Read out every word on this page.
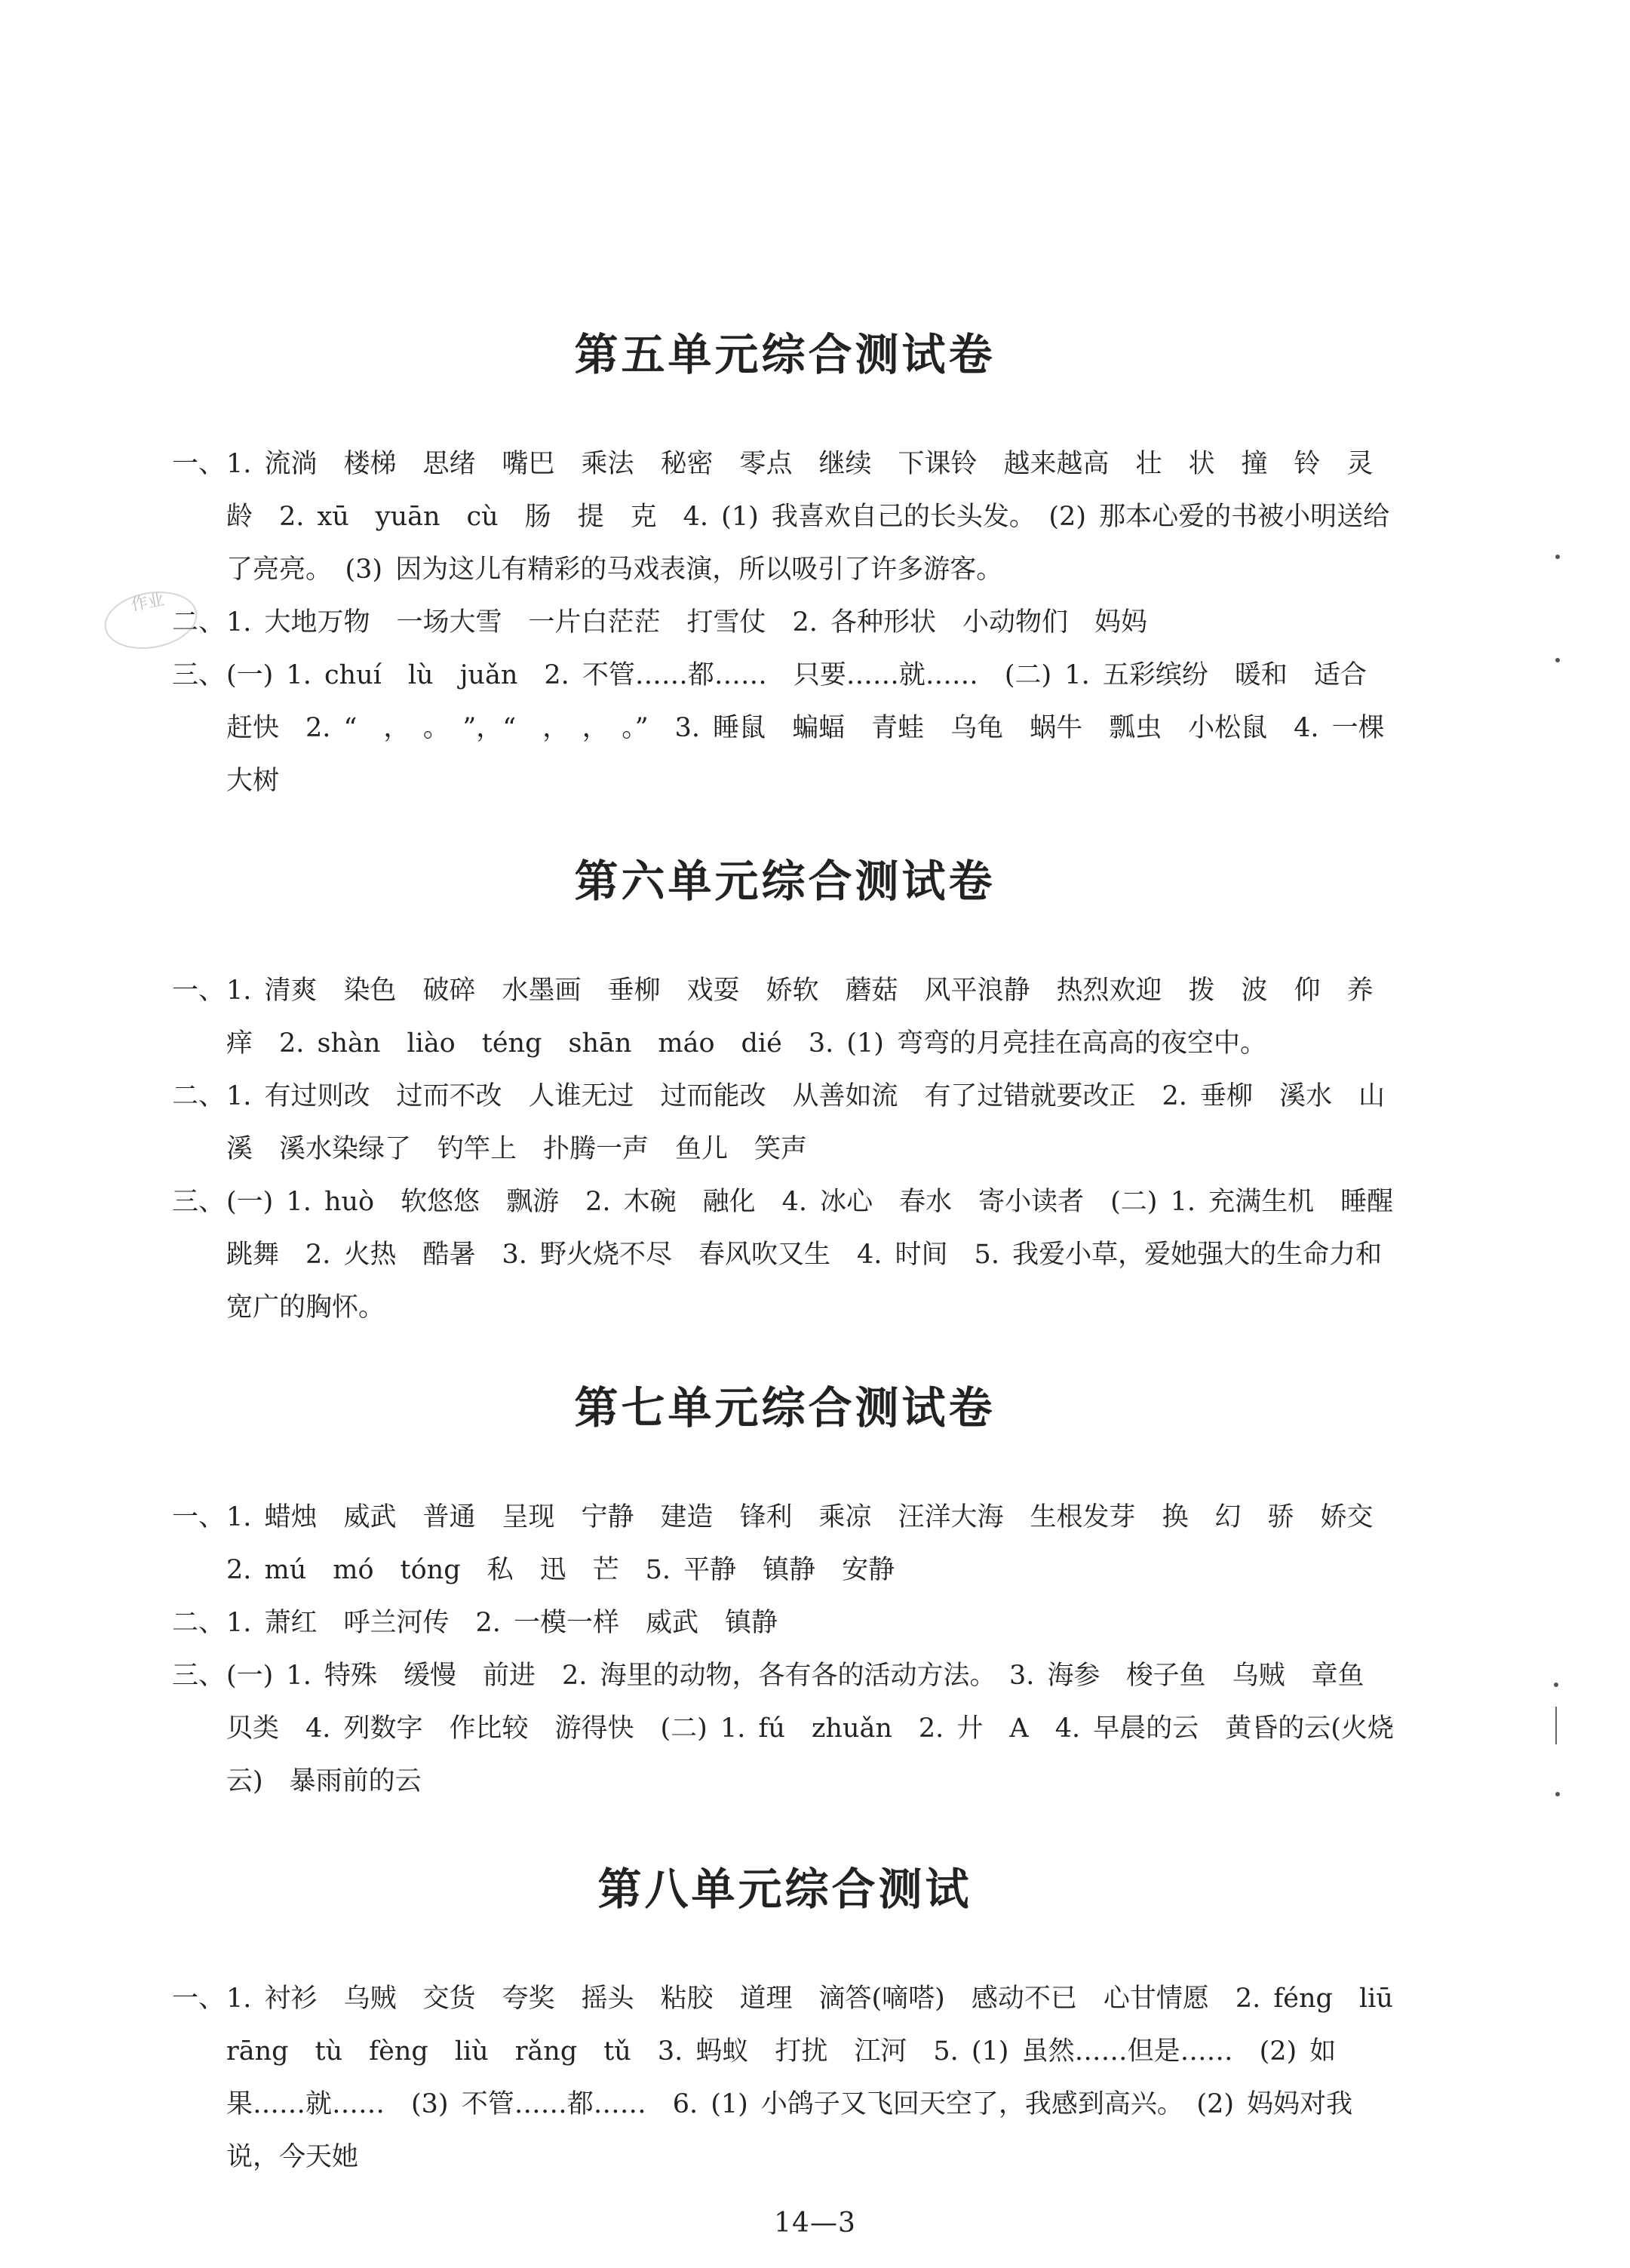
作业
第五单元综合测试卷
一、1. 流淌　楼梯　思绪　嘴巴　乘法　秘密　零点　继续　下课铃　越来越高　壮　状　撞　铃　灵龄　2. xū　yuān　cù　肠　提　克　4. (1) 我喜欢自己的长头发。　(2) 那本心爱的书被小明送给了亮亮。　(3) 因为这儿有精彩的马戏表演，所以吸引了许多游客。
二、1. 大地万物　一场大雪　一片白茫茫　打雪仗　2. 各种形状　小动物们　妈妈
三、(一) 1. chuí　lù　juǎn　2. 不管……都……　只要……就……　(二) 1. 五彩缤纷　暖和　适合　赶快　2. “　，　。　”，“　，　，　。”　3. 睡鼠　蝙蝠　青蛙　乌龟　蜗牛　瓢虫　小松鼠　4. 一棵大树
第六单元综合测试卷
一、1. 清爽　染色　破碎　水墨画　垂柳　戏耍　娇软　蘑菇　风平浪静　热烈欢迎　拨　波　仰　养痒　2. shàn　liào　téng　shān　máo　dié　3. (1) 弯弯的月亮挂在高高的夜空中。
二、1. 有过则改　过而不改　人谁无过　过而能改　从善如流　有了过错就要改正　2. 垂柳　溪水　山溪　溪水染绿了　钓竿上　扑腾一声　鱼儿　笑声
三、(一) 1. huò　软悠悠　飘游　2. 木碗　融化　4. 冰心　春水　寄小读者　(二) 1. 充满生机　睡醒跳舞　2. 火热　酷暑　3. 野火烧不尽　春风吹又生　4. 时间　5. 我爱小草，爱她强大的生命力和宽广的胸怀。
第七单元综合测试卷
一、1. 蜡烛　威武　普通　呈现　宁静　建造　锋利　乘凉　汪洋大海　生根发芽　换　幻　骄　娇交　2. mú　mó　tóng　私　迅　芒　5. 平静　镇静　安静
二、1. 萧红　呼兰河传　2. 一模一样　威武　镇静
三、(一) 1. 特殊　缓慢　前进　2. 海里的动物，各有各的活动方法。　3. 海参　梭子鱼　乌贼　章鱼　贝类　4. 列数字　作比较　游得快　(二) 1. fú　zhuǎn　2. 廾　A　4. 早晨的云　黄昏的云(火烧云)　暴雨前的云
第八单元综合测试
一、1. 衬衫　乌贼　交货　夸奖　摇头　粘胶　道理　滴答(嘀嗒)　感动不已　心甘情愿　2. féng　liū　rāng　tù　fèng　liù　rǎng　tǔ　3. 蚂蚁　打扰　江河　5. (1) 虽然……但是……　(2) 如果……就……　(3) 不管……都……　6. (1) 小鸽子又飞回天空了，我感到高兴。　(2) 妈妈对我说，今天她
14—3
